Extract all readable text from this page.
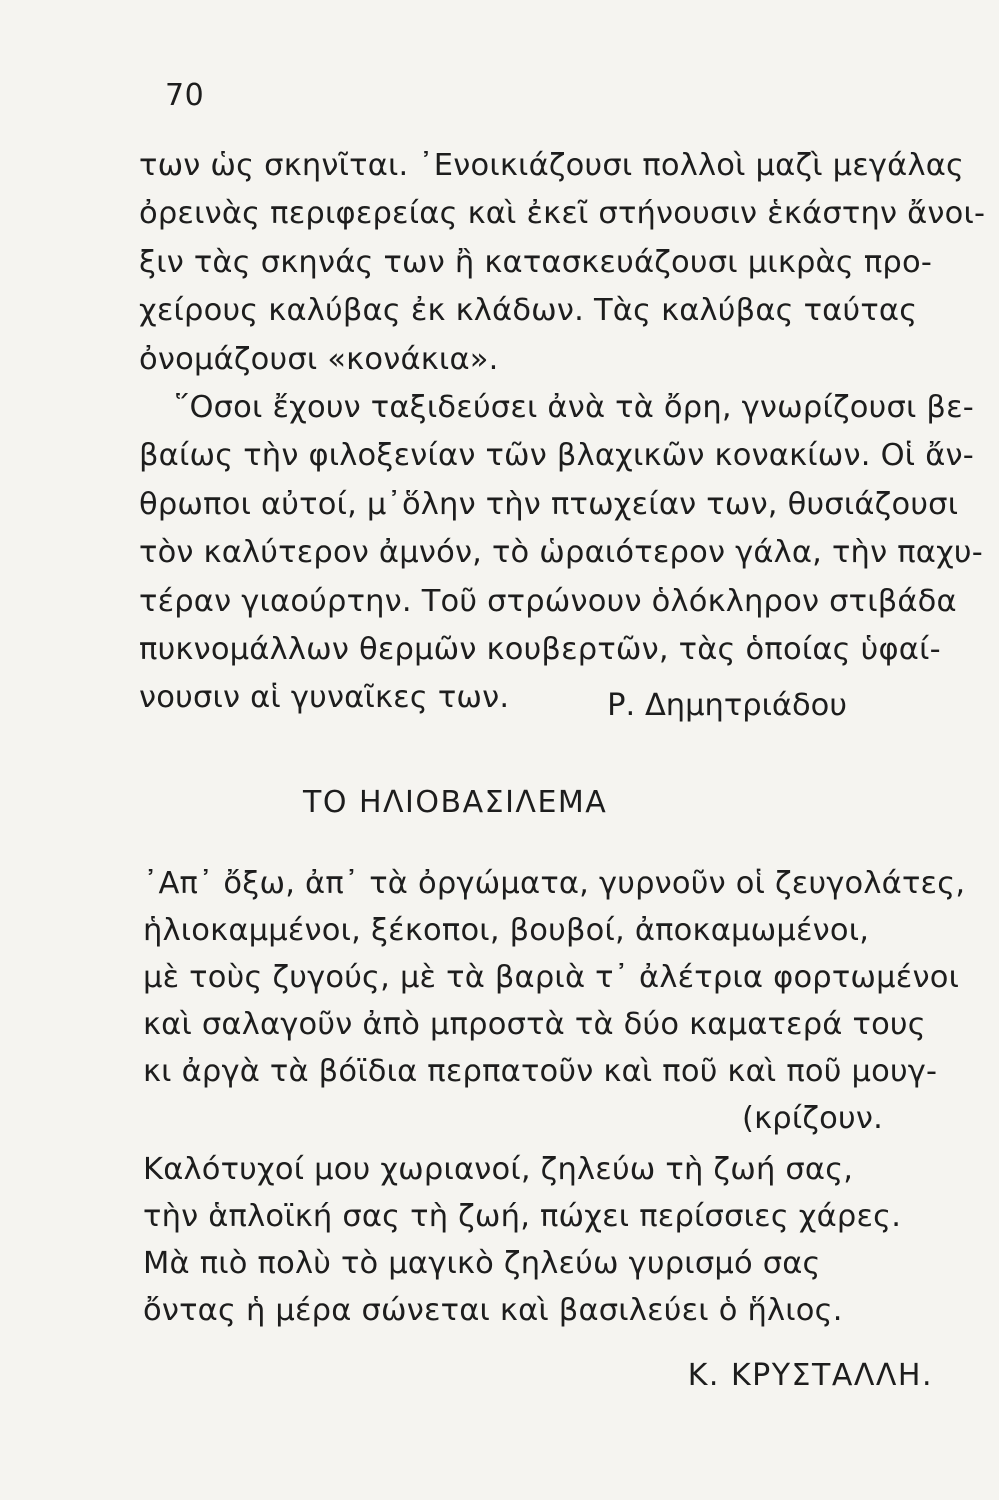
70
των ὡς σκηνῖται. ᾿Ενοικιάζουσι πολλοὶ μαζὶ μεγάλας
ὀρεινὰς περιφερείας καὶ ἐκεῖ στήνουσιν ἑκάστην ἄνοι-
ξιν τὰς σκηνάς των ἢ κατασκευάζουσι μικρὰς προ-
χείρους καλύβας ἐκ κλάδων. Τὰς καλύβας ταύτας
ὀνομάζουσι «κονάκια».
῞Οσοι ἔχουν ταξιδεύσει ἀνὰ τὰ ὄρη, γνωρίζουσι βε-
βαίως τὴν φιλοξενίαν τῶν βλαχικῶν κονακίων. Οἱ ἄν-
θρωποι αὐτοί, μ᾿ὅλην τὴν πτωχείαν των, θυσιάζουσι
τὸν καλύτερον ἀμνόν, τὸ ὡραιότερον γάλα, τὴν παχυ-
τέραν γιαούρτην. Τοῦ στρώνουν ὁλόκληρον στιβάδα
πυκνομάλλων θερμῶν κουβερτῶν, τὰς ὁποίας ὑφαί-
νουσιν αἱ γυναῖκες των.	Ρ. Δημητριάδου
ΤΟ ΗΛΙΟΒΑΣΙΛΕΜΑ
᾿Απ᾿ ὄξω, ἀπ᾿ τὰ ὀργώματα, γυρνοῦν οἱ ζευγολάτες,
ἡλιοκαμμένοι, ξέκοποι, βουβοί, ἀποκαμωμένοι,
μὲ τοὺς ζυγούς, μὲ τὰ βαριὰ τ᾿ ἀλέτρια φορτωμένοι
καὶ σαλαγοῦν ἀπὸ μπροστὰ τὰ δύο καματερά τους
κι ἀργὰ τὰ βόϊδια περπατοῦν καὶ ποῦ καὶ ποῦ μουγ-
(κρίζουν.
Καλότυχοί μου χωριανοί, ζηλεύω τὴ ζωή σας,
τὴν ἁπλοϊκή σας τὴ ζωή, πώχει περίσσιες χάρες.
Μὰ πιὸ πολὺ τὸ μαγικὸ ζηλεύω γυρισμό σας
ὄντας ἡ μέρα σώνεται καὶ βασιλεύει ὁ ἥλιος.
Κ. ΚΡΥΣΤΑΛΛΗ.
